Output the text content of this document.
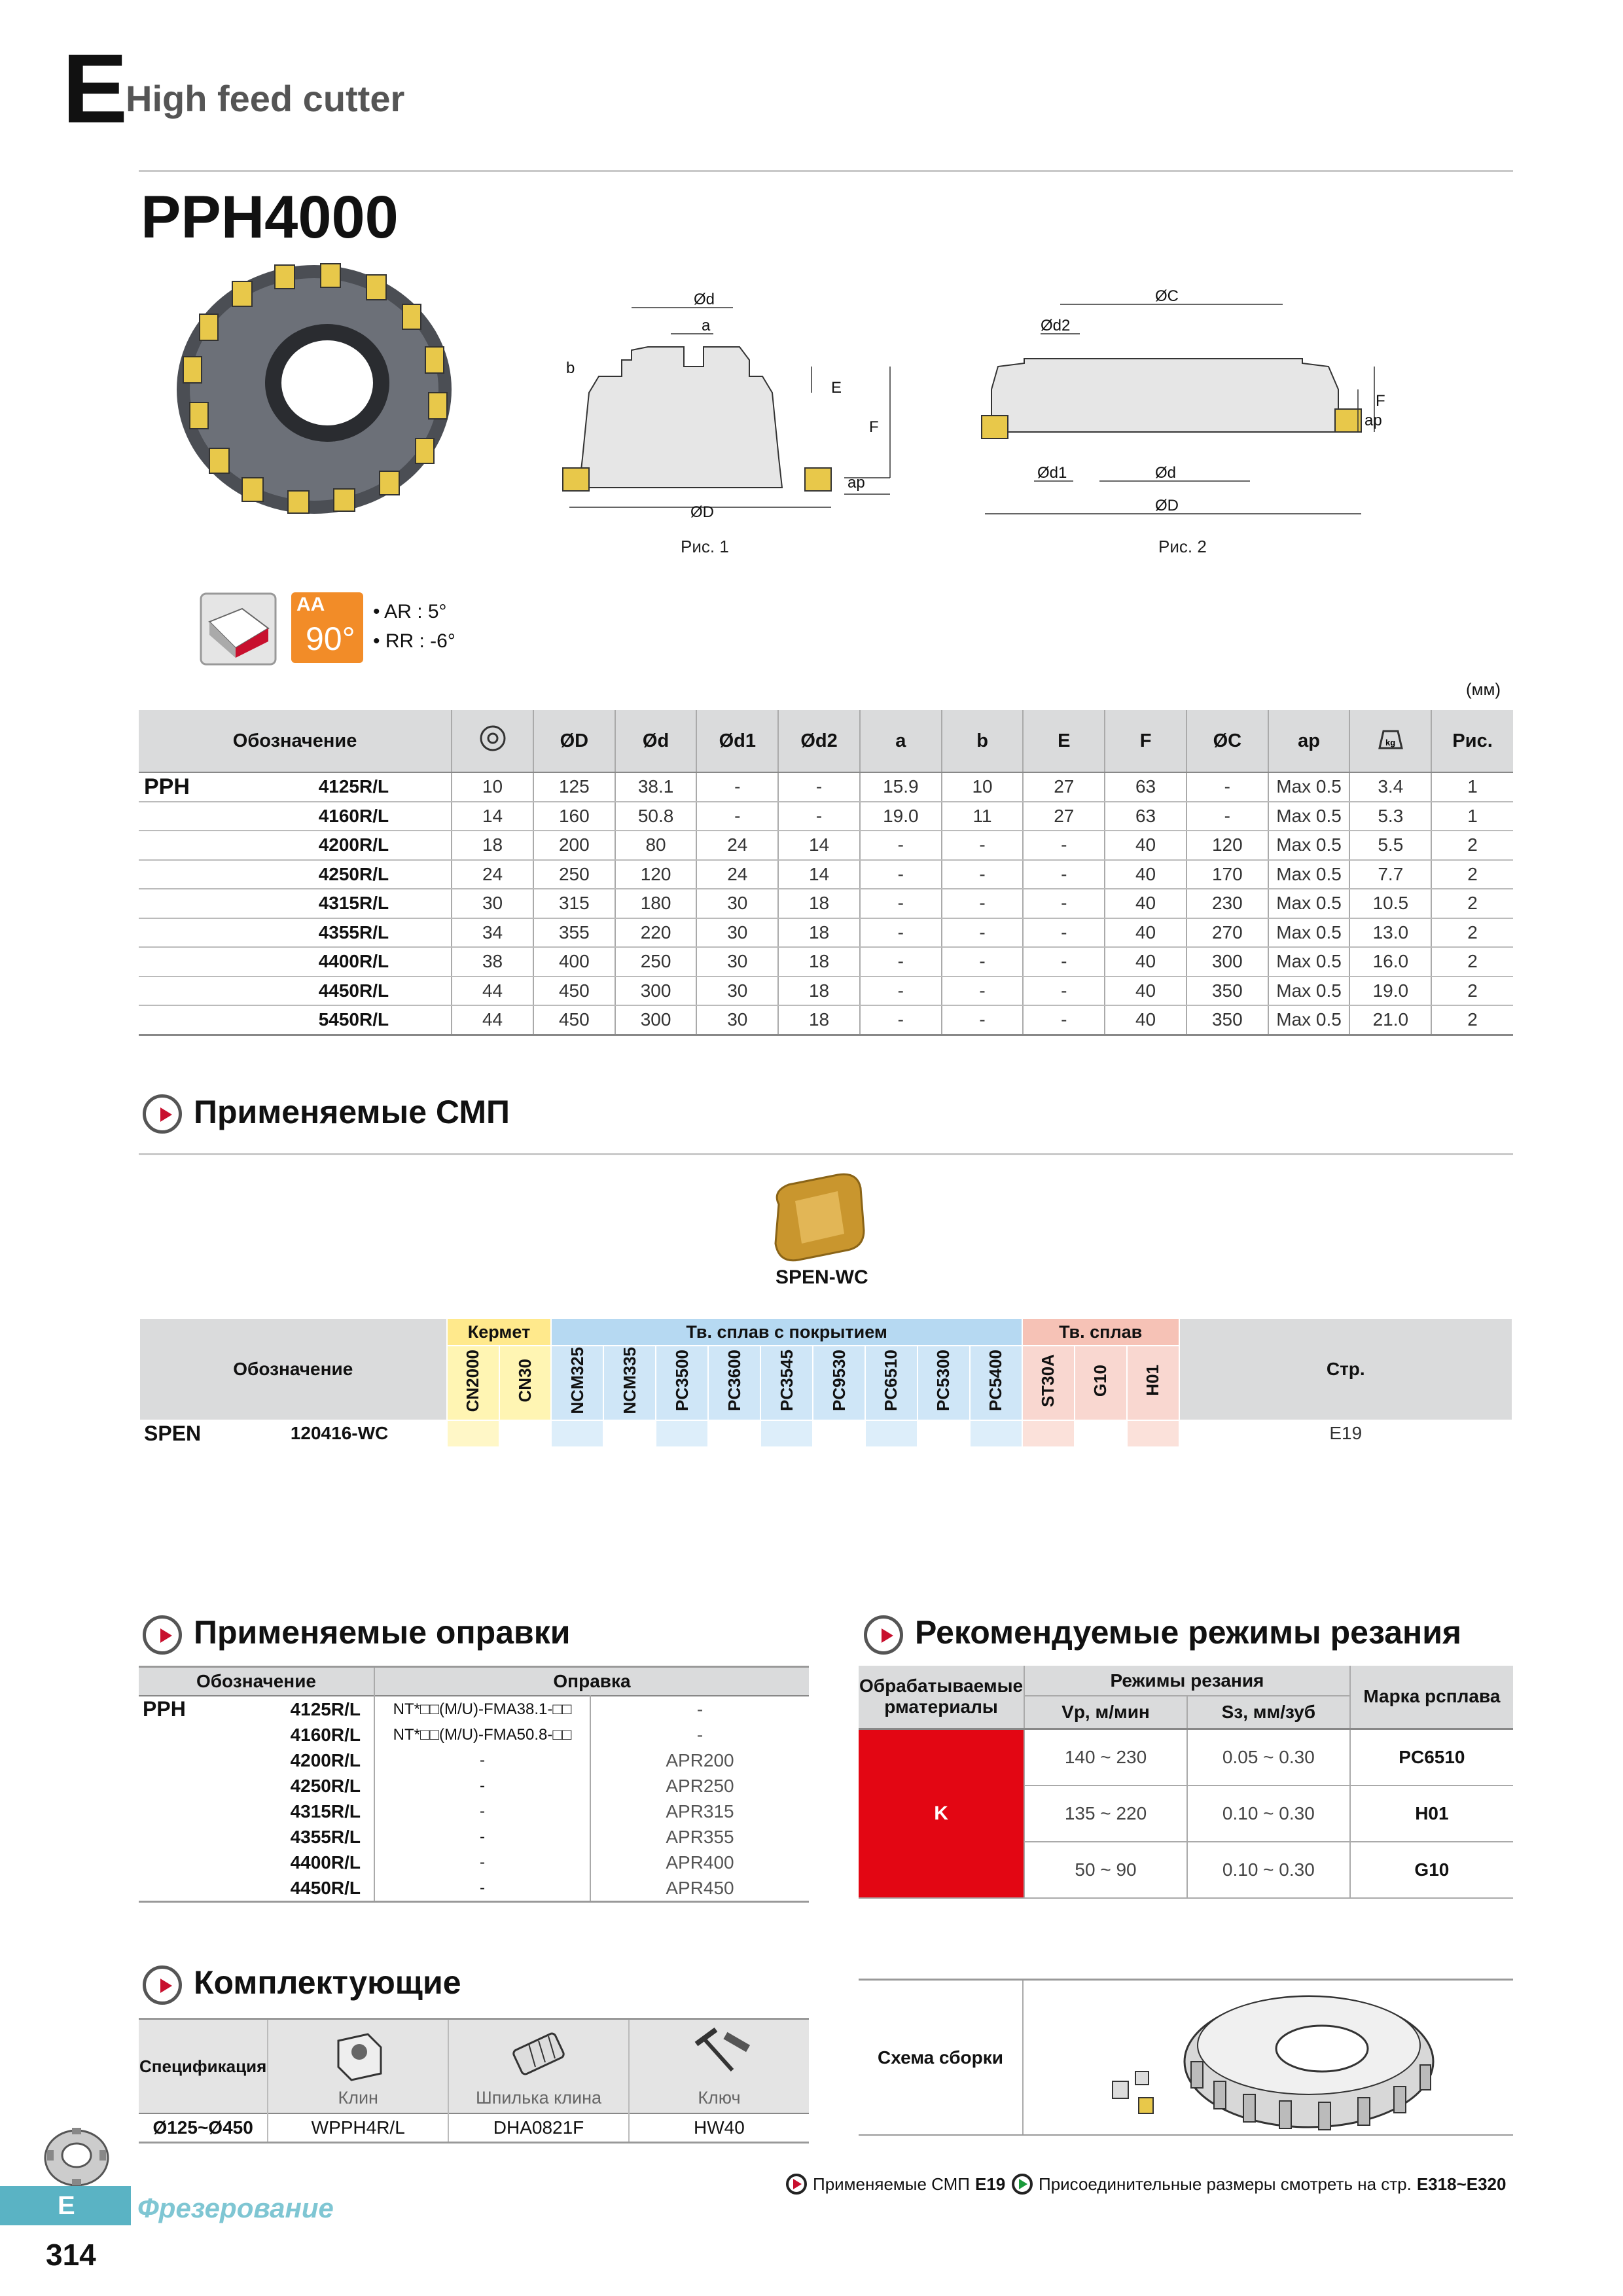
E
High feed cutter
PPH4000
Ød
a
b
E
F
ap
ØD
Рис. 1
ØC
Ød2
Ød1	Ød
ØD
F
ap
Рис. 2
AA
90°
• AR : 5°
• RR : -6°
(мм)
Обозначение			ØD	Ød	Ød1	Ød2	a	b	E	F	ØC	ap	kg	Рис.
PPH	4125R/L	10	125	38.1	-	-	15.9	10	27	63	-	Max 0.5	3.4	1
	4160R/L	14	160	50.8	-	-	19.0	11	27	63	-	Max 0.5	5.3	1
	4200R/L	18	200	80	24	14	-	-	-	40	120	Max 0.5	5.5	2
	4250R/L	24	250	120	24	14	-	-	-	40	170	Max 0.5	7.7	2
	4315R/L	30	315	180	30	18	-	-	-	40	230	Max 0.5	10.5	2
	4355R/L	34	355	220	30	18	-	-	-	40	270	Max 0.5	13.0	2
	4400R/L	38	400	250	30	18	-	-	-	40	300	Max 0.5	16.0	2
	4450R/L	44	450	300	30	18	-	-	-	40	350	Max 0.5	19.0	2
	5450R/L	44	450	300	30	18	-	-	-	40	350	Max 0.5	21.0	2
Применяемые СМП
SPEN-WC
Обозначение		Кермет		Тв. сплав с покрытием									Тв. сплав			Стр.
		CN2000	CN30	NCM325	NCM335	PC3500	PC3600	PC3545	PC9530	PC6510	PC5300	PC5400	ST30A	G10	H01	
SPEN	120416-WC															E19
Применяемые оправки
Обозначение		Оправка	
PPH	4125R/L	NT*□□(M/U)-FMA38.1-□□	-
	4160R/L	NT*□□(M/U)-FMA50.8-□□	-
	4200R/L	-	APR200
	4250R/L	-	APR250
	4315R/L	-	APR315
	4355R/L	-	APR355
	4400R/L	-	APR400
	4450R/L	-	APR450
Рекомендуемые режимы резания
Обрабатываемые рматериалы	Режимы резания		Марка рсплава
	Vр, м/мин	Sз, мм/зуб	
K	140 ~ 230	0.05 ~ 0.30	PC6510
	135 ~ 220	0.10 ~ 0.30	H01
	50 ~ 90	0.10 ~ 0.30	G10
Схема сборки
Комплектующие
Спецификация	Клин	Шпилька клина	Ключ

Ø125~Ø450	WPPH4R/L	DHA0821F	HW40
Применяемые СМП E19 Присоединительные размеры смотреть на стр. E318~E320
E Фрезерование
314
